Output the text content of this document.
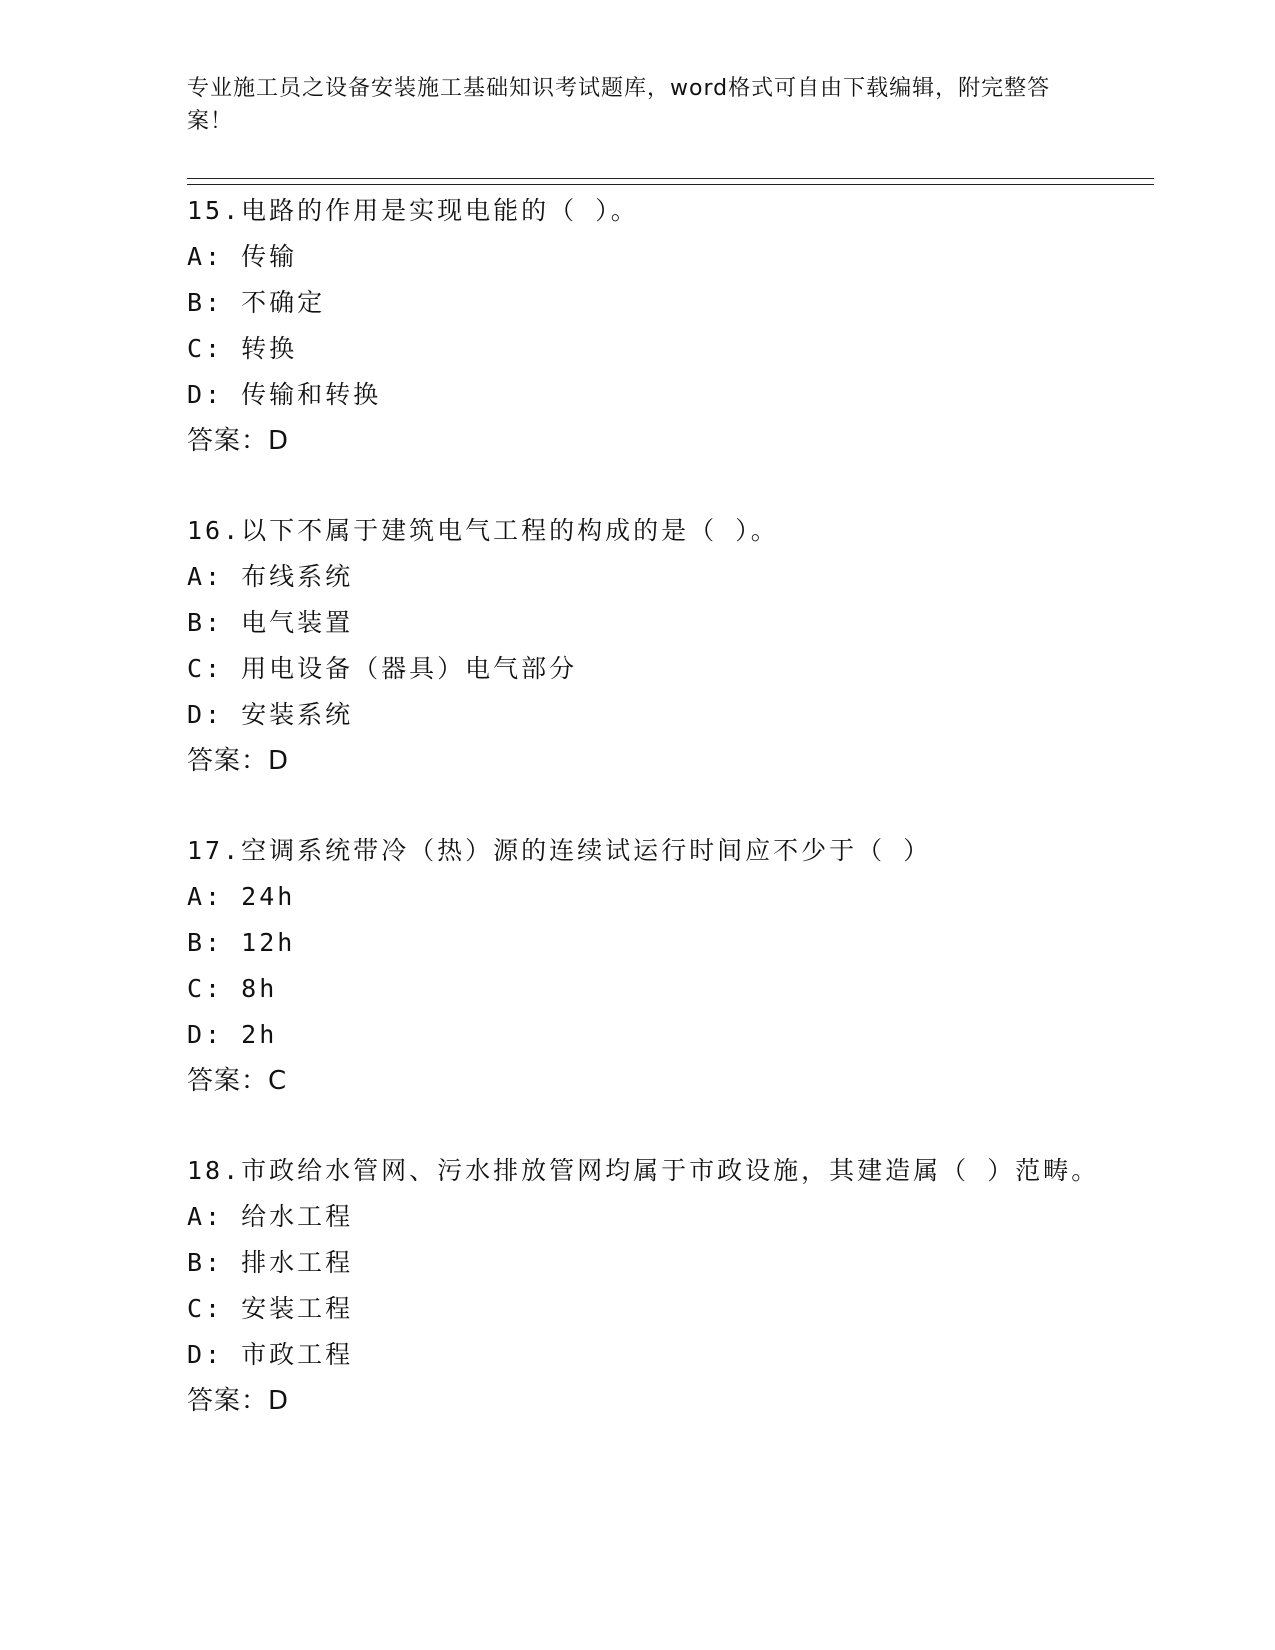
专业施工员之设备安装施工基础知识考试题库，word格式可自由下载编辑，附完整答案！

15.电路的作用是实现电能的（ ）。

A: 传输
B: 不确定
C: 转换
D: 传输和转换
答案：D

16.以下不属于建筑电气工程的构成的是（ ）。

A: 布线系统
B: 电气装置
C: 用电设备（器具）电气部分
D: 安装系统
答案：D

17.空调系统带冷（热）源的连续试运行时间应不少于（ ）

A: 24h
B: 12h
C: 8h
D: 2h
答案：C

18.市政给水管网、污水排放管网均属于市政设施，其建造属（ ）范畴。

A: 给水工程
B: 排水工程
C: 安装工程
D: 市政工程
答案：D
